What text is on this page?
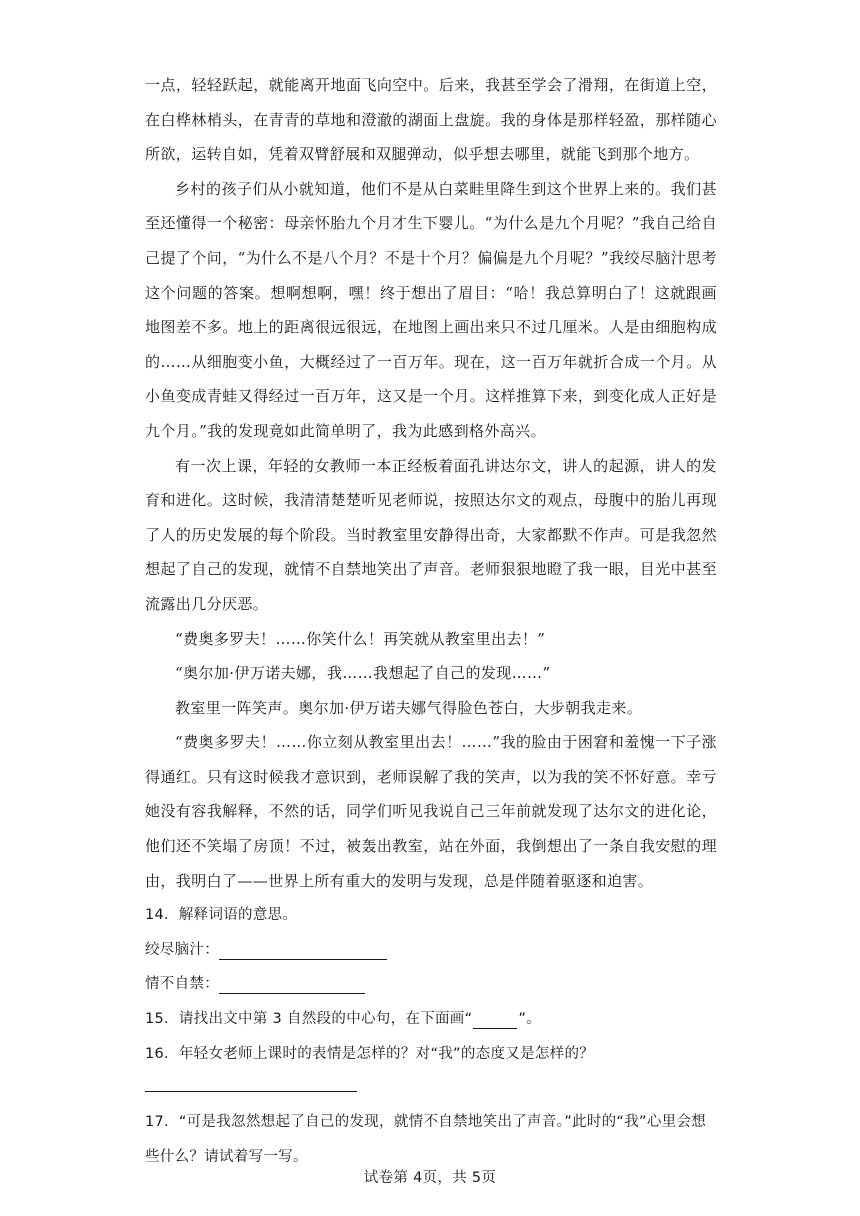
一点，轻轻跃起，就能离开地面飞向空中。后来，我甚至学会了滑翔，在街道上空，在白桦林梢头，在青青的草地和澄澈的湖面上盘旋。我的身体是那样轻盈，那样随心所欲，运转自如，凭着双臂舒展和双腿弹动，似乎想去哪里，就能飞到那个地方。

乡村的孩子们从小就知道，他们不是从白菜畦里降生到这个世界上来的。我们甚至还懂得一个秘密：母亲怀胎九个月才生下婴儿。“为什么是九个月呢？”我自己给自己提了个问，“为什么不是八个月？不是十个月？偏偏是九个月呢？”我绞尽脑汁思考这个问题的答案。想啊想啊，嘿！终于想出了眉目：“哈！我总算明白了！这就跟画地图差不多。地上的距离很远很远，在地图上画出来只不过几厘米。人是由细胞构成的……从细胞变小鱼，大概经过了一百万年。现在，这一百万年就折合成一个月。从小鱼变成青蛙又得经过一百万年，这又是一个月。这样推算下来，到变化成人正好是九个月。”我的发现竟如此简单明了，我为此感到格外高兴。

有一次上课，年轻的女教师一本正经板着面孔讲达尔文，讲人的起源，讲人的发育和进化。这时候，我清清楚楚听见老师说，按照达尔文的观点，母腹中的胎儿再现了人的历史发展的每个阶段。当时教室里安静得出奇，大家都默不作声。可是我忽然想起了自己的发现，就情不自禁地笑出了声音。老师狠狠地瞪了我一眼，目光中甚至流露出几分厌恶。

“费奥多罗夫！……你笑什么！再笑就从教室里出去！”

“奥尔加·伊万诺夫娜，我……我想起了自己的发现……”

教室里一阵笑声。奥尔加·伊万诺夫娜气得脸色苍白，大步朝我走来。

“费奥多罗夫！……你立刻从教室里出去！……”我的脸由于困窘和羞愧一下子涨得通红。只有这时候我才意识到，老师误解了我的笑声，以为我的笑不怀好意。幸亏她没有容我解释，不然的话，同学们听见我说自己三年前就发现了达尔文的进化论，他们还不笑塌了房顶！不过，被轰出教室，站在外面，我倒想出了一条自我安慰的理由，我明白了——世界上所有重大的发明与发现，总是伴随着驱逐和迫害。

14．解释词语的意思。

绞尽脑汁：

情不自禁：

15．请找出文中第 3 自然段的中心句，在下面画“	”。

16．年轻女老师上课时的表情是怎样的？对“我”的态度又是怎样的？

17．“可是我忽然想起了自己的发现，就情不自禁地笑出了声音。”此时的“我”心里会想些什么？请试着写一写。

试卷第 4页，共 5页
